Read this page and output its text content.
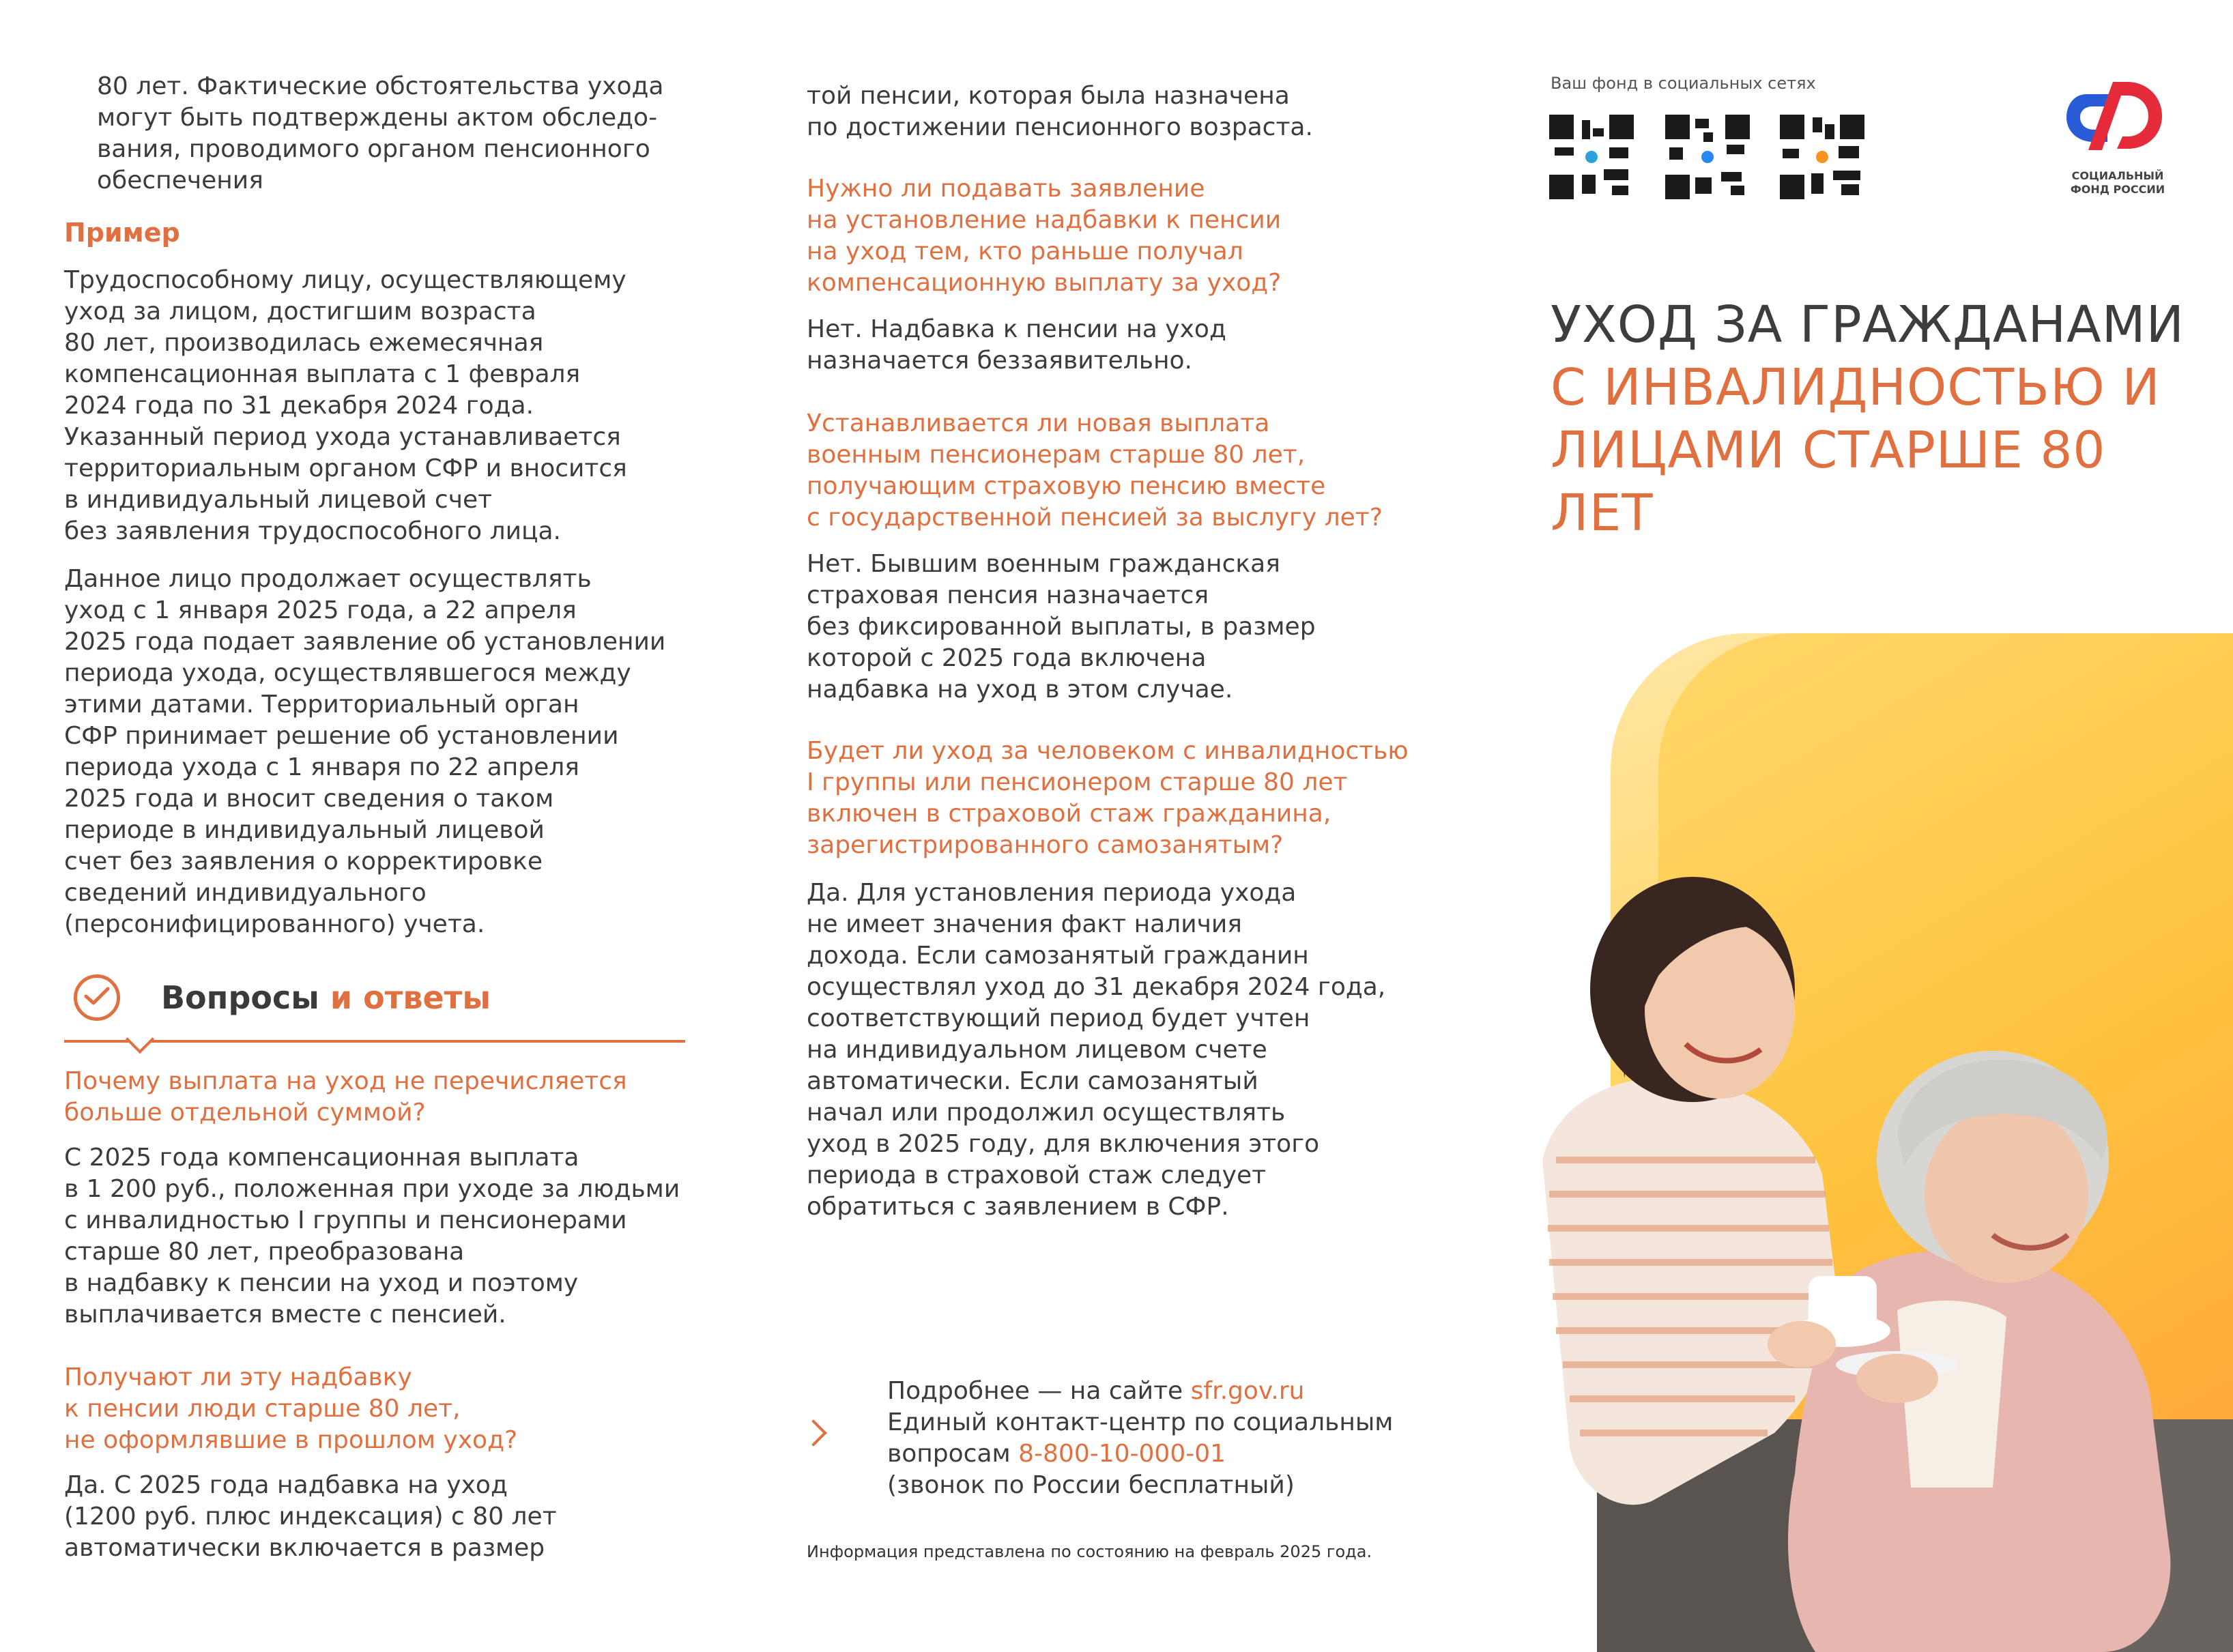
80 лет. Фактические обстоятельства ухода
могут быть подтверждены актом обследо-
вания, проводимого органом пенсионного
обеспечения
Пример
Трудоспособному лицу, осуществляющему
уход за лицом, достигшим возраста
80 лет, производилась ежемесячная
компенсационная выплата с 1 февраля
2024 года по 31 декабря 2024 года.
Указанный период ухода устанавливается
территориальным органом СФР и вносится
в индивидуальный лицевой счет
без заявления трудоспособного лица.
Данное лицо продолжает осуществлять
уход с 1 января 2025 года, а 22 апреля
2025 года подает заявление об установлении
периода ухода, осуществлявшегося между
этими датами. Территориальный орган
СФР принимает решение об установлении
периода ухода с 1 января по 22 апреля
2025 года и вносит сведения о таком
периоде в индивидуальный лицевой
счет без заявления о корректировке
сведений индивидуального
(персонифицированного) учета.
Вопросы и ответы
Почему выплата на уход не перечисляется
больше отдельной суммой?
С 2025 года компенсационная выплата
в 1 200 руб., положенная при уходе за людьми
с инвалидностью I группы и пенсионерами
старше 80 лет, преобразована
в надбавку к пенсии на уход и поэтому
выплачивается вместе с пенсией.
Получают ли эту надбавку
к пенсии люди старше 80 лет,
не оформлявшие в прошлом уход?
Да. С 2025 года надбавка на уход
(1200 руб. плюс индексация) с 80 лет
автоматически включается в размер
той пенсии, которая была назначена
по достижении пенсионного возраста.
Нужно ли подавать заявление
на установление надбавки к пенсии
на уход тем, кто раньше получал
компенсационную выплату за уход?
Нет. Надбавка к пенсии на уход
назначается беззаявительно.
Устанавливается ли новая выплата
военным пенсионерам старше 80 лет,
получающим страховую пенсию вместе
с государственной пенсией за выслугу лет?
Нет. Бывшим военным гражданская
страховая пенсия назначается
без фиксированной выплаты, в размер
которой с 2025 года включена
надбавка на уход в этом случае.
Будет ли уход за человеком с инвалидностью
I группы или пенсионером старше 80 лет
включен в страховой стаж гражданина,
зарегистрированного самозанятым?
Да. Для установления периода ухода
не имеет значения факт наличия
дохода. Если самозанятый гражданин
осуществлял уход до 31 декабря 2024 года,
соответствующий период будет учтен
на индивидуальном лицевом счете
автоматически. Если самозанятый
начал или продолжил осуществлять
уход в 2025 году, для включения этого
периода в страховой стаж следует
обратиться с заявлением в СФР.
Подробнее — на сайте sfr.gov.ru
Единый контакт-центр по социальным
вопросам 8-800-10-000-01
(звонок по России бесплатный)
Информация представлена по состоянию на февраль 2025 года.
Ваш фонд в социальных сетях
СОЦИАЛЬНЫЙ
ФОНД РОССИИ
УХОД ЗА ГРАЖДАНАМИ
С ИНВАЛИДНОСТЬЮ И
ЛИЦАМИ СТАРШЕ 80 ЛЕТ
